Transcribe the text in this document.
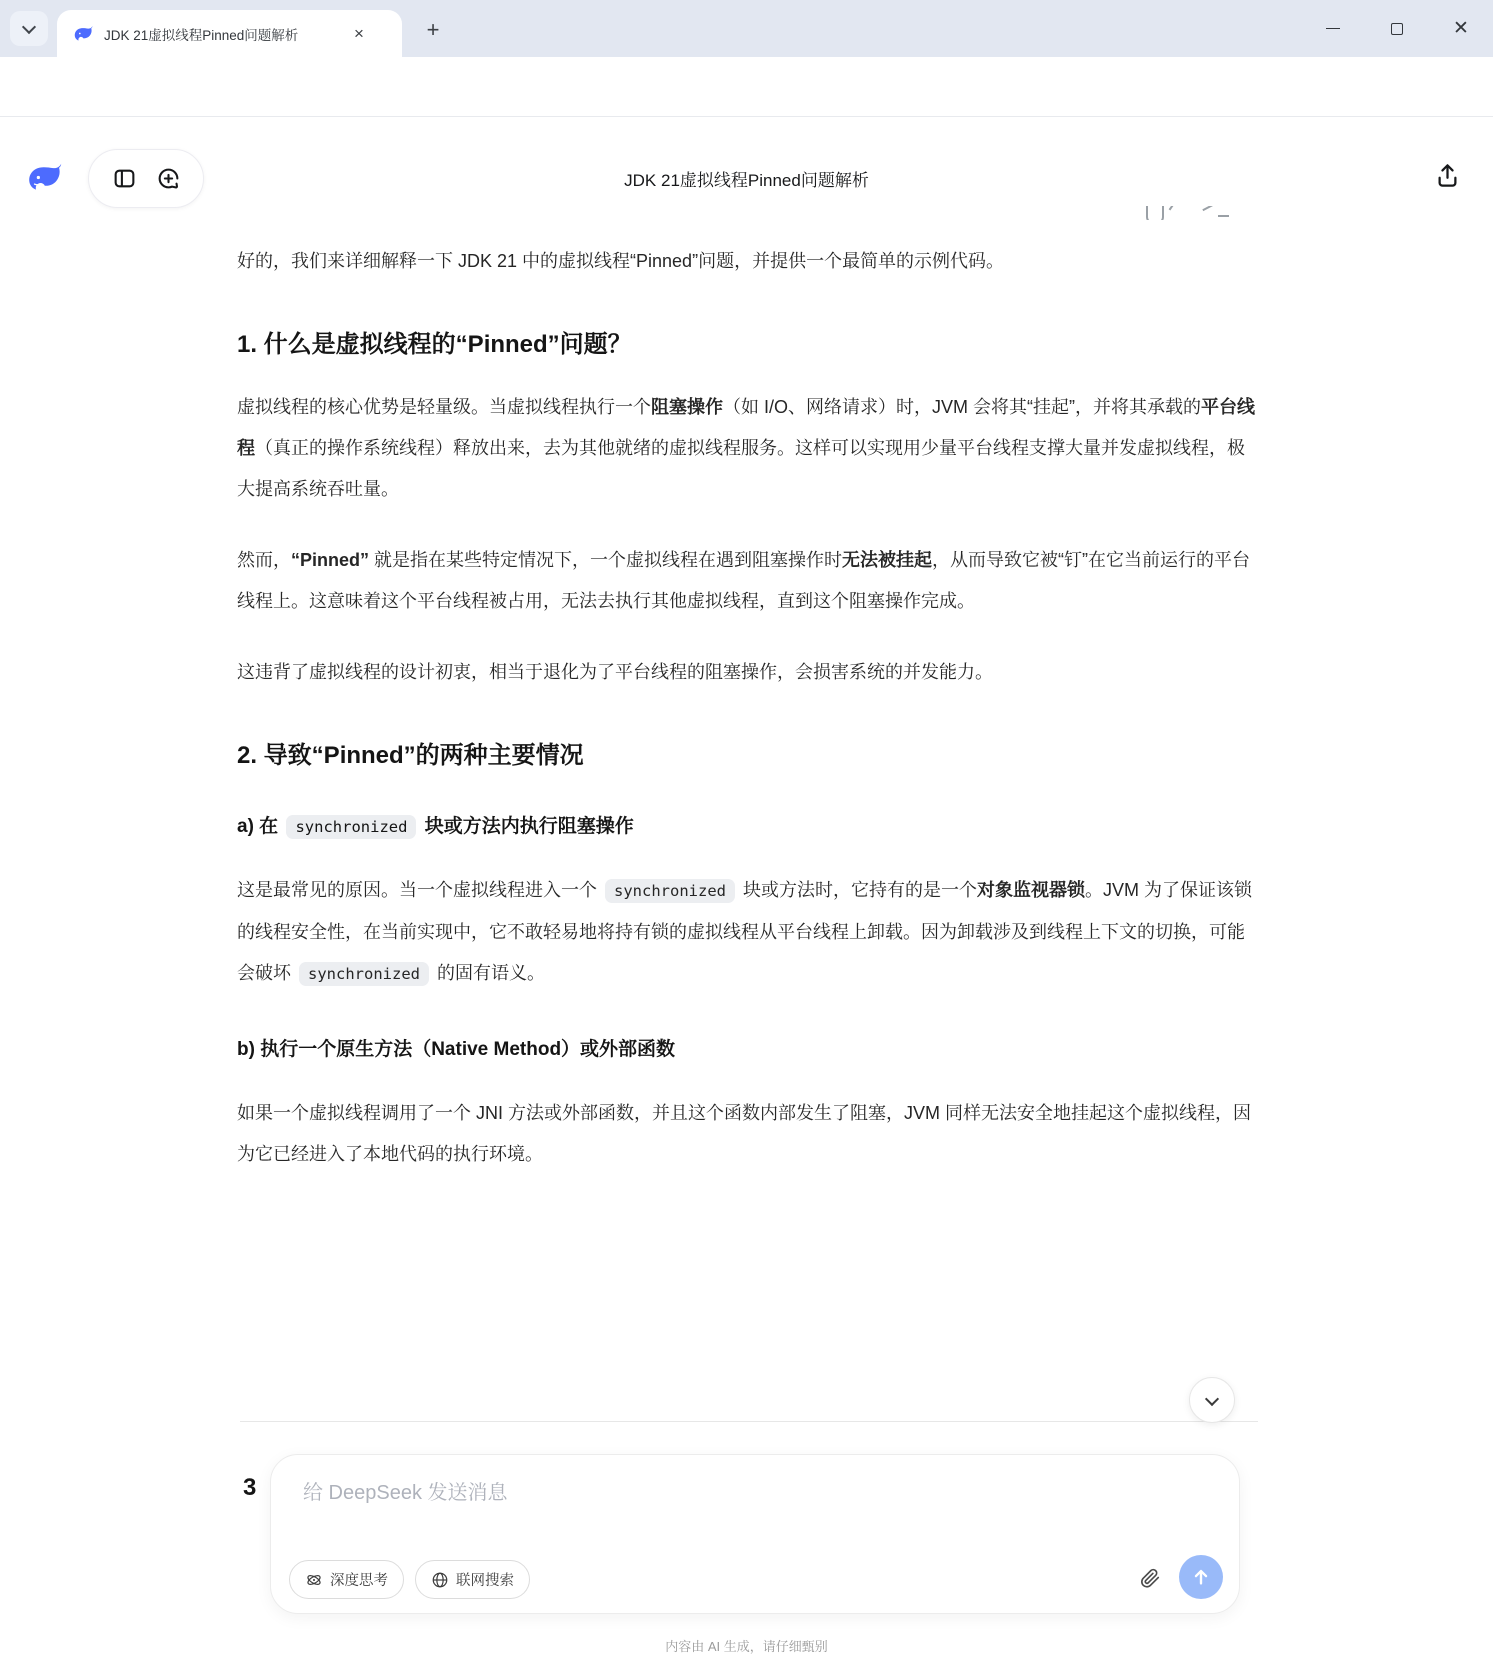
JDK 21虚拟线程Pinned问题解析	×	+	✕
JDK 21虚拟线程Pinned问题解析

好的，我们来详细解释一下 JDK 21 中的虚拟线程“Pinned”问题，并提供一个最简单的示例代码。

1. 什么是虚拟线程的“Pinned”问题？

虚拟线程的核心优势是轻量级。当虚拟线程执行一个阻塞操作（如 I/O、网络请求）时，JVM 会将其“挂起”，并将其承载的平台线程（真正的操作系统线程）释放出来，去为其他就绪的虚拟线程服务。这样可以实现用少量平台线程支撑大量并发虚拟线程，极大提高系统吞吐量。

然而，“Pinned” 就是指在某些特定情况下，一个虚拟线程在遇到阻塞操作时无法被挂起，从而导致它被“钉”在它当前运行的平台线程上。这意味着这个平台线程被占用，无法去执行其他虚拟线程，直到这个阻塞操作完成。

这违背了虚拟线程的设计初衷，相当于退化为了平台线程的阻塞操作，会损害系统的并发能力。

2. 导致“Pinned”的两种主要情况
a) 在 synchronized 块或方法内执行阻塞操作

这是最常见的原因。当一个虚拟线程进入一个 synchronized 块或方法时，它持有的是一个对象监视器锁。JVM 为了保证该锁的线程安全性，在当前实现中，它不敢轻易地将持有锁的虚拟线程从平台线程上卸载。因为卸载涉及到线程上下文的切换，可能会破坏 synchronized 的固有语义。

b) 执行一个原生方法（Native Method）或外部函数

如果一个虚拟线程调用了一个 JNI 方法或外部函数，并且这个函数内部发生了阻塞，JVM 同样无法安全地挂起这个虚拟线程，因为它已经进入了本地代码的执行环境。

3
给 DeepSeek 发送消息
深度思考	联网搜索
内容由 AI 生成，请仔细甄别
